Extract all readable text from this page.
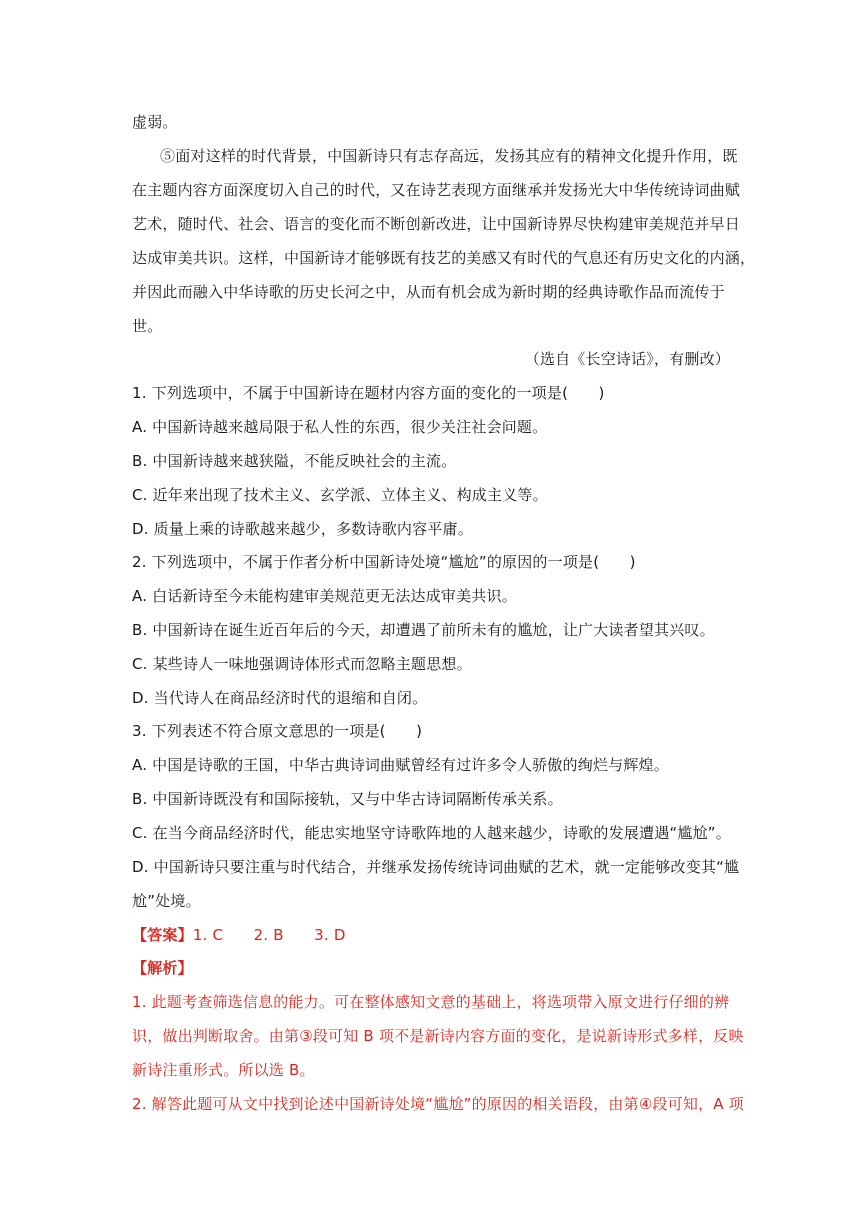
虚弱。
⑤面对这样的时代背景，中国新诗只有志存高远，发扬其应有的精神文化提升作用，既
在主题内容方面深度切入自己的时代，又在诗艺表现方面继承并发扬光大中华传统诗词曲赋
艺术，随时代、社会、语言的变化而不断创新改进，让中国新诗界尽快构建审美规范并早日
达成审美共识。这样，中国新诗才能够既有技艺的美感又有时代的气息还有历史文化的内涵，
并因此而融入中华诗歌的历史长河之中，从而有机会成为新时期的经典诗歌作品而流传于
世。
（选自《长空诗话》，有删改）
1. 下列选项中，不属于中国新诗在题材内容方面的变化的一项是(　　)
A. 中国新诗越来越局限于私人性的东西，很少关注社会问题。
B. 中国新诗越来越狭隘，不能反映社会的主流。
C. 近年来出现了技术主义、玄学派、立体主义、构成主义等。
D. 质量上乘的诗歌越来越少，多数诗歌内容平庸。
2. 下列选项中，不属于作者分析中国新诗处境“尴尬”的原因的一项是(　　)
A. 白话新诗至今未能构建审美规范更无法达成审美共识。
B. 中国新诗在诞生近百年后的今天，却遭遇了前所未有的尴尬，让广大读者望其兴叹。
C. 某些诗人一味地强调诗体形式而忽略主题思想。
D. 当代诗人在商品经济时代的退缩和自闭。
3. 下列表述不符合原文意思的一项是(　　)
A. 中国是诗歌的王国，中华古典诗词曲赋曾经有过许多令人骄傲的绚烂与辉煌。
B. 中国新诗既没有和国际接轨，又与中华古诗词隔断传承关系。
C. 在当今商品经济时代，能忠实地坚守诗歌阵地的人越来越少，诗歌的发展遭遇“尴尬”。
D. 中国新诗只要注重与时代结合，并继承发扬传统诗词曲赋的艺术，就一定能够改变其“尴
尬”处境。
【答案】1. C　　2. B　　3. D
【解析】
1. 此题考查筛选信息的能力。可在整体感知文意的基础上，将选项带入原文进行仔细的辨
识，做出判断取舍。由第③段可知 B 项不是新诗内容方面的变化，是说新诗形式多样，反映
新诗注重形式。所以选 B。
2. 解答此题可从文中找到论述中国新诗处境“尴尬”的原因的相关语段，由第④段可知，A 项
